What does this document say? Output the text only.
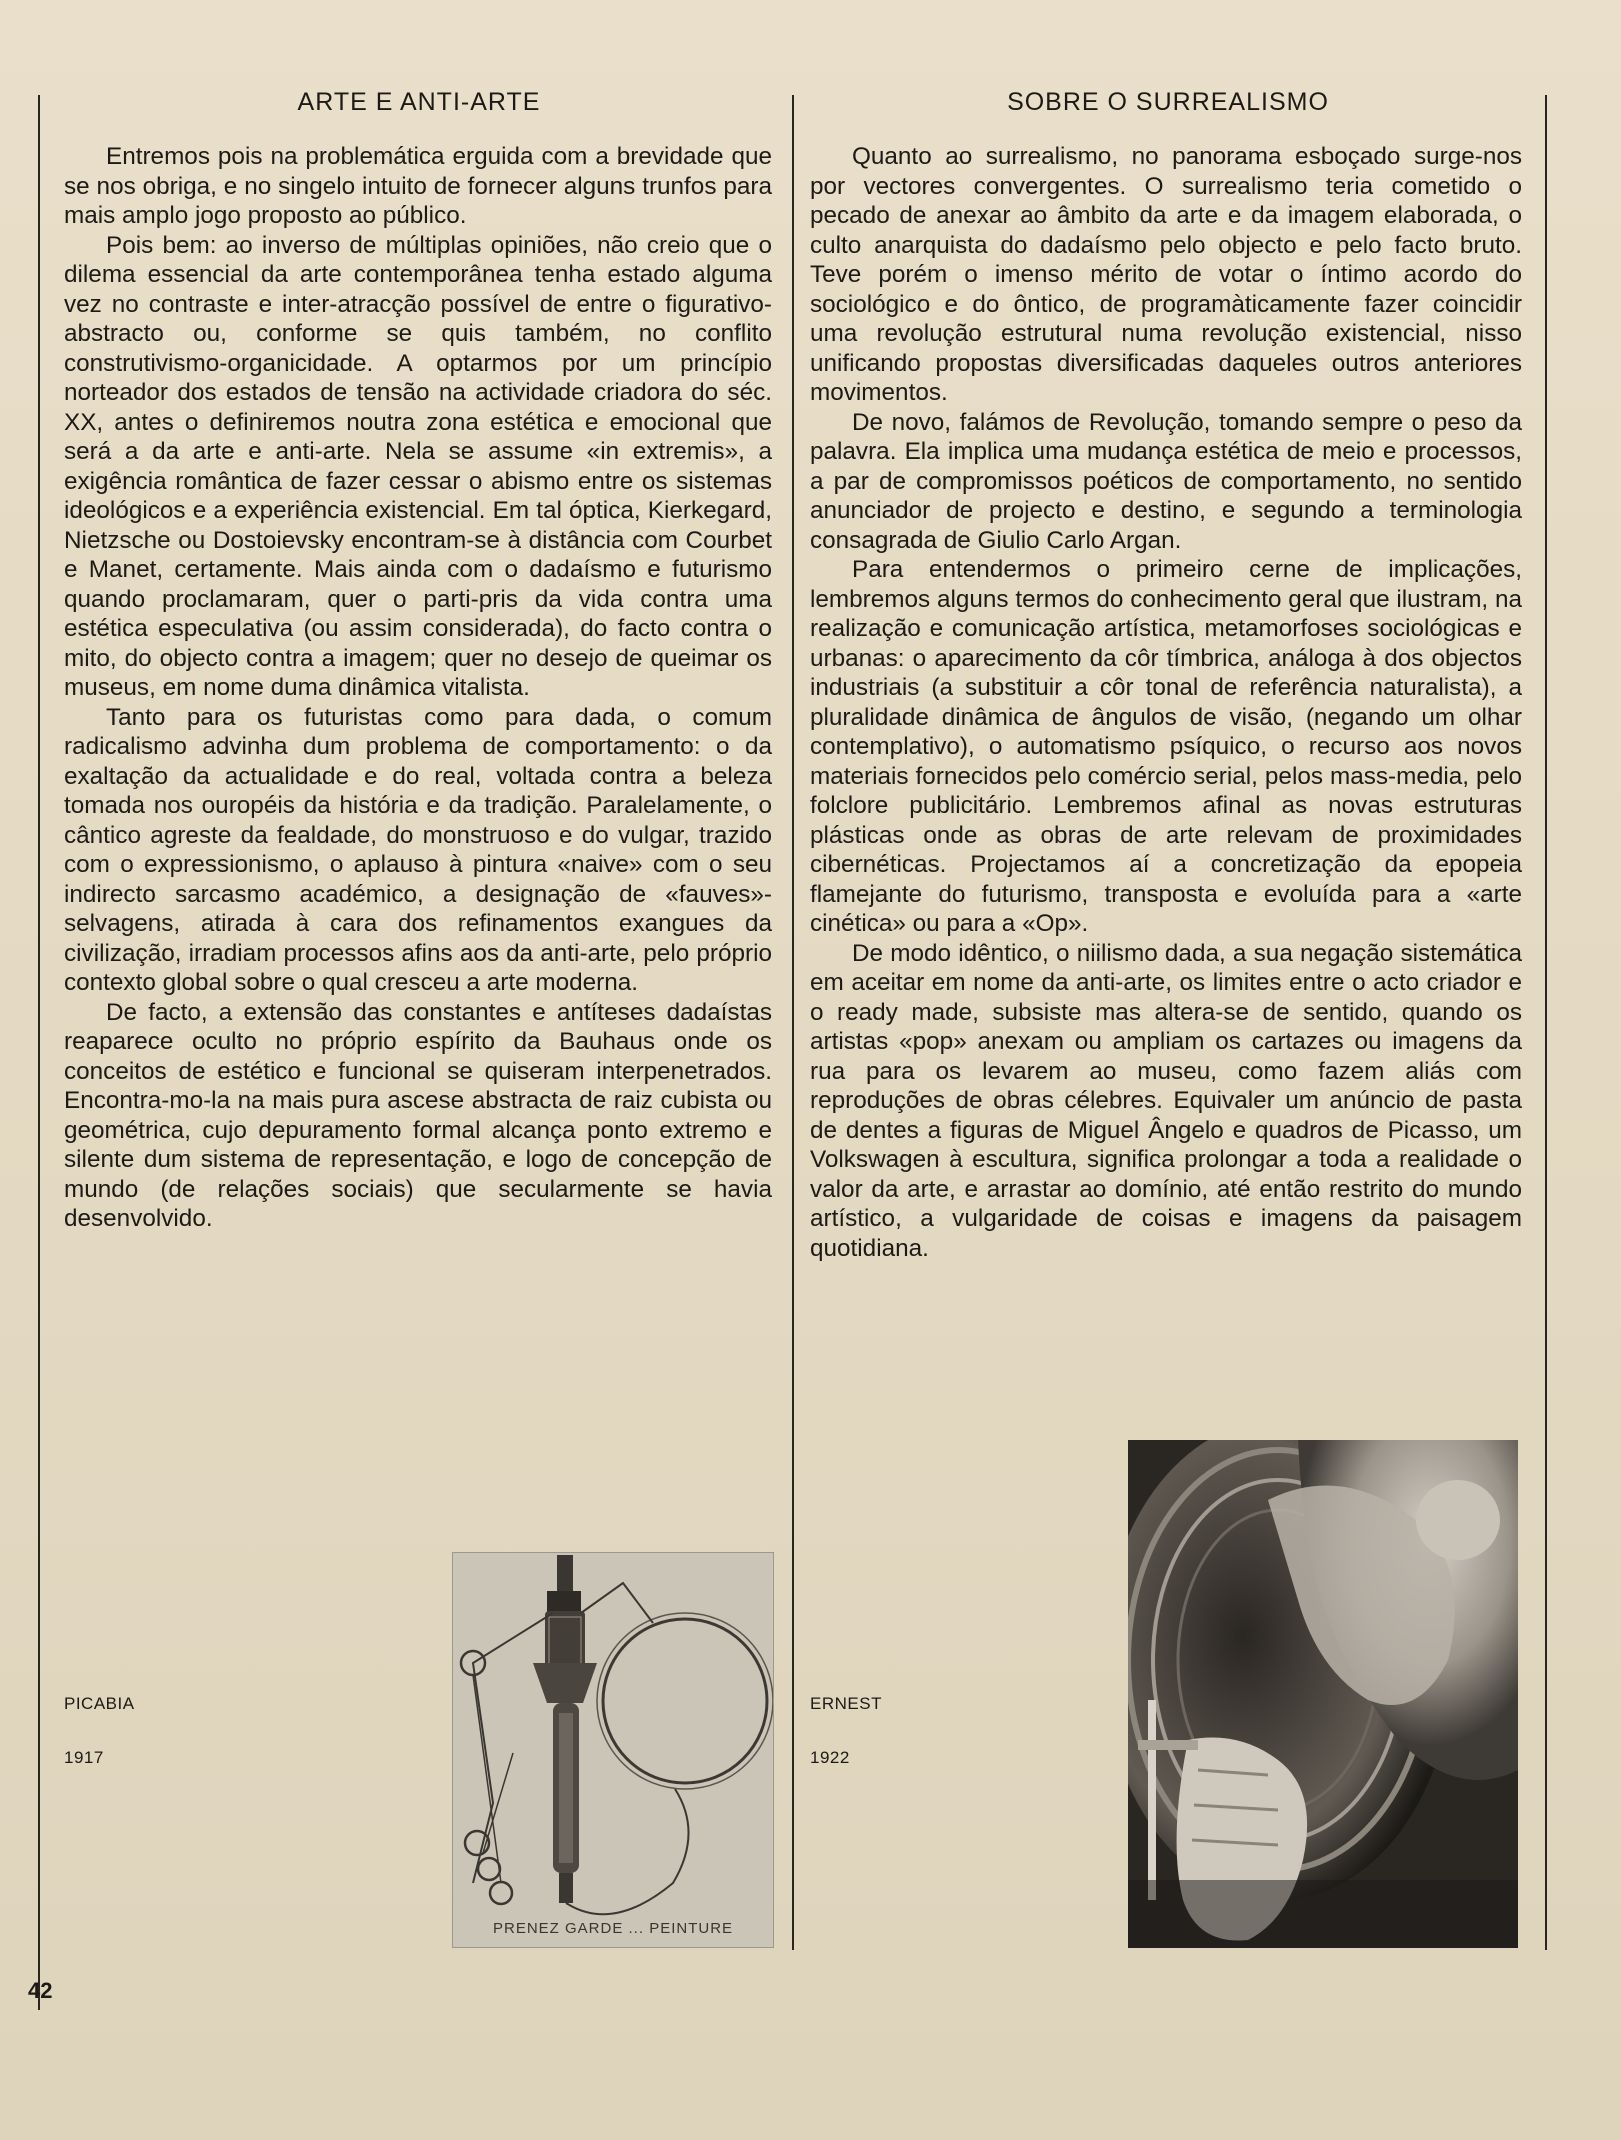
ARTE E ANTI-ARTE	SOBRE O SURREALISMO

Entremos pois na problemática erguida com a brevidade que se nos obriga, e no singelo intuito de fornecer alguns trunfos para mais amplo jogo proposto ao público.

Pois bem: ao inverso de múltiplas opiniões, não creio que o dilema essencial da arte contemporânea tenha estado alguma vez no contraste e inter-atracção possível de entre o figurativo-abstracto ou, conforme se quis também, no conflito construtivismo-organicidade. A optarmos por um princípio norteador dos estados de tensão na actividade criadora do séc. XX, antes o definiremos noutra zona estética e emocional que será a da arte e anti-arte. Nela se assume «in extremis», a exigência romântica de fazer cessar o abismo entre os sistemas ideológicos e a experiência existencial. Em tal óptica, Kierkegard, Nietzsche ou Dostoievsky encontram-se à distância com Courbet e Manet, certamente. Mais ainda com o dadaísmo e futurismo quando proclamaram, quer o parti-pris da vida contra uma estética especulativa (ou assim considerada), do facto contra o mito, do objecto contra a imagem; quer no desejo de queimar os museus, em nome duma dinâmica vitalista.

Tanto para os futuristas como para dada, o comum radicalismo advinha dum problema de comportamento: o da exaltação da actualidade e do real, voltada contra a beleza tomada nos ouropéis da história e da tradição. Paralelamente, o cântico agreste da fealdade, do monstruoso e do vulgar, trazido com o expressionismo, o aplauso à pintura «naive» com o seu indirecto sarcasmo académico, a designação de «fauves»-selvagens, atirada à cara dos refinamentos exangues da civilização, irradiam processos afins aos da anti-arte, pelo próprio contexto global sobre o qual cresceu a arte moderna.

De facto, a extensão das constantes e antíteses dadaístas reaparece oculto no próprio espírito da Bauhaus onde os conceitos de estético e funcional se quiseram interpenetrados. Encontra-mo-la na mais pura ascese abstracta de raiz cubista ou geométrica, cujo depuramento formal alcança ponto extremo e silente dum sistema de representação, e logo de concepção de mundo (de relações sociais) que secularmente se havia desenvolvido.

Quanto ao surrealismo, no panorama esboçado surge-nos por vectores convergentes. O surrealismo teria cometido o pecado de anexar ao âmbito da arte e da imagem elaborada, o culto anarquista do dadaísmo pelo objecto e pelo facto bruto. Teve porém o imenso mérito de votar o íntimo acordo do sociológico e do ôntico, de programàticamente fazer coincidir uma revolução estrutural numa revolução existencial, nisso unificando propostas diversificadas daqueles outros anteriores movimentos.

De novo, falámos de Revolução, tomando sempre o peso da palavra. Ela implica uma mudança estética de meio e processos, a par de compromissos poéticos de comportamento, no sentido anunciador de projecto e destino, e segundo a terminologia consagrada de Giulio Carlo Argan.

Para entendermos o primeiro cerne de implicações, lembremos alguns termos do conhecimento geral que ilustram, na realização e comunicação artística, metamorfoses sociológicas e urbanas: o aparecimento da côr tímbrica, análoga à dos objectos industriais (a substituir a côr tonal de referência naturalista), a pluralidade dinâmica de ângulos de visão, (negando um olhar contemplativo), o automatismo psíquico, o recurso aos novos materiais fornecidos pelo comércio serial, pelos mass-media, pelo folclore publicitário. Lembremos afinal as novas estruturas plásticas onde as obras de arte relevam de proximidades cibernéticas. Projectamos aí a concretização da epopeia flamejante do futurismo, transposta e evoluída para a «arte cinética» ou para a «Op».

De modo idêntico, o niilismo dada, a sua negação sistemática em aceitar em nome da anti-arte, os limites entre o acto criador e o ready made, subsiste mas altera-se de sentido, quando os artistas «pop» anexam ou ampliam os cartazes ou imagens da rua para os levarem ao museu, como fazem aliás com reproduções de obras célebres. Equivaler um anúncio de pasta de dentes a figuras de Miguel Ângelo e quadros de Picasso, um Volkswagen à escultura, significa prolongar a toda a realidade o valor da arte, e arrastar ao domínio, até então restrito do mundo artístico, a vulgaridade de coisas e imagens da paisagem quotidiana.

PICABIA
1917
ERNEST
1922
PRENEZ GARDE ... PEINTURE
42
